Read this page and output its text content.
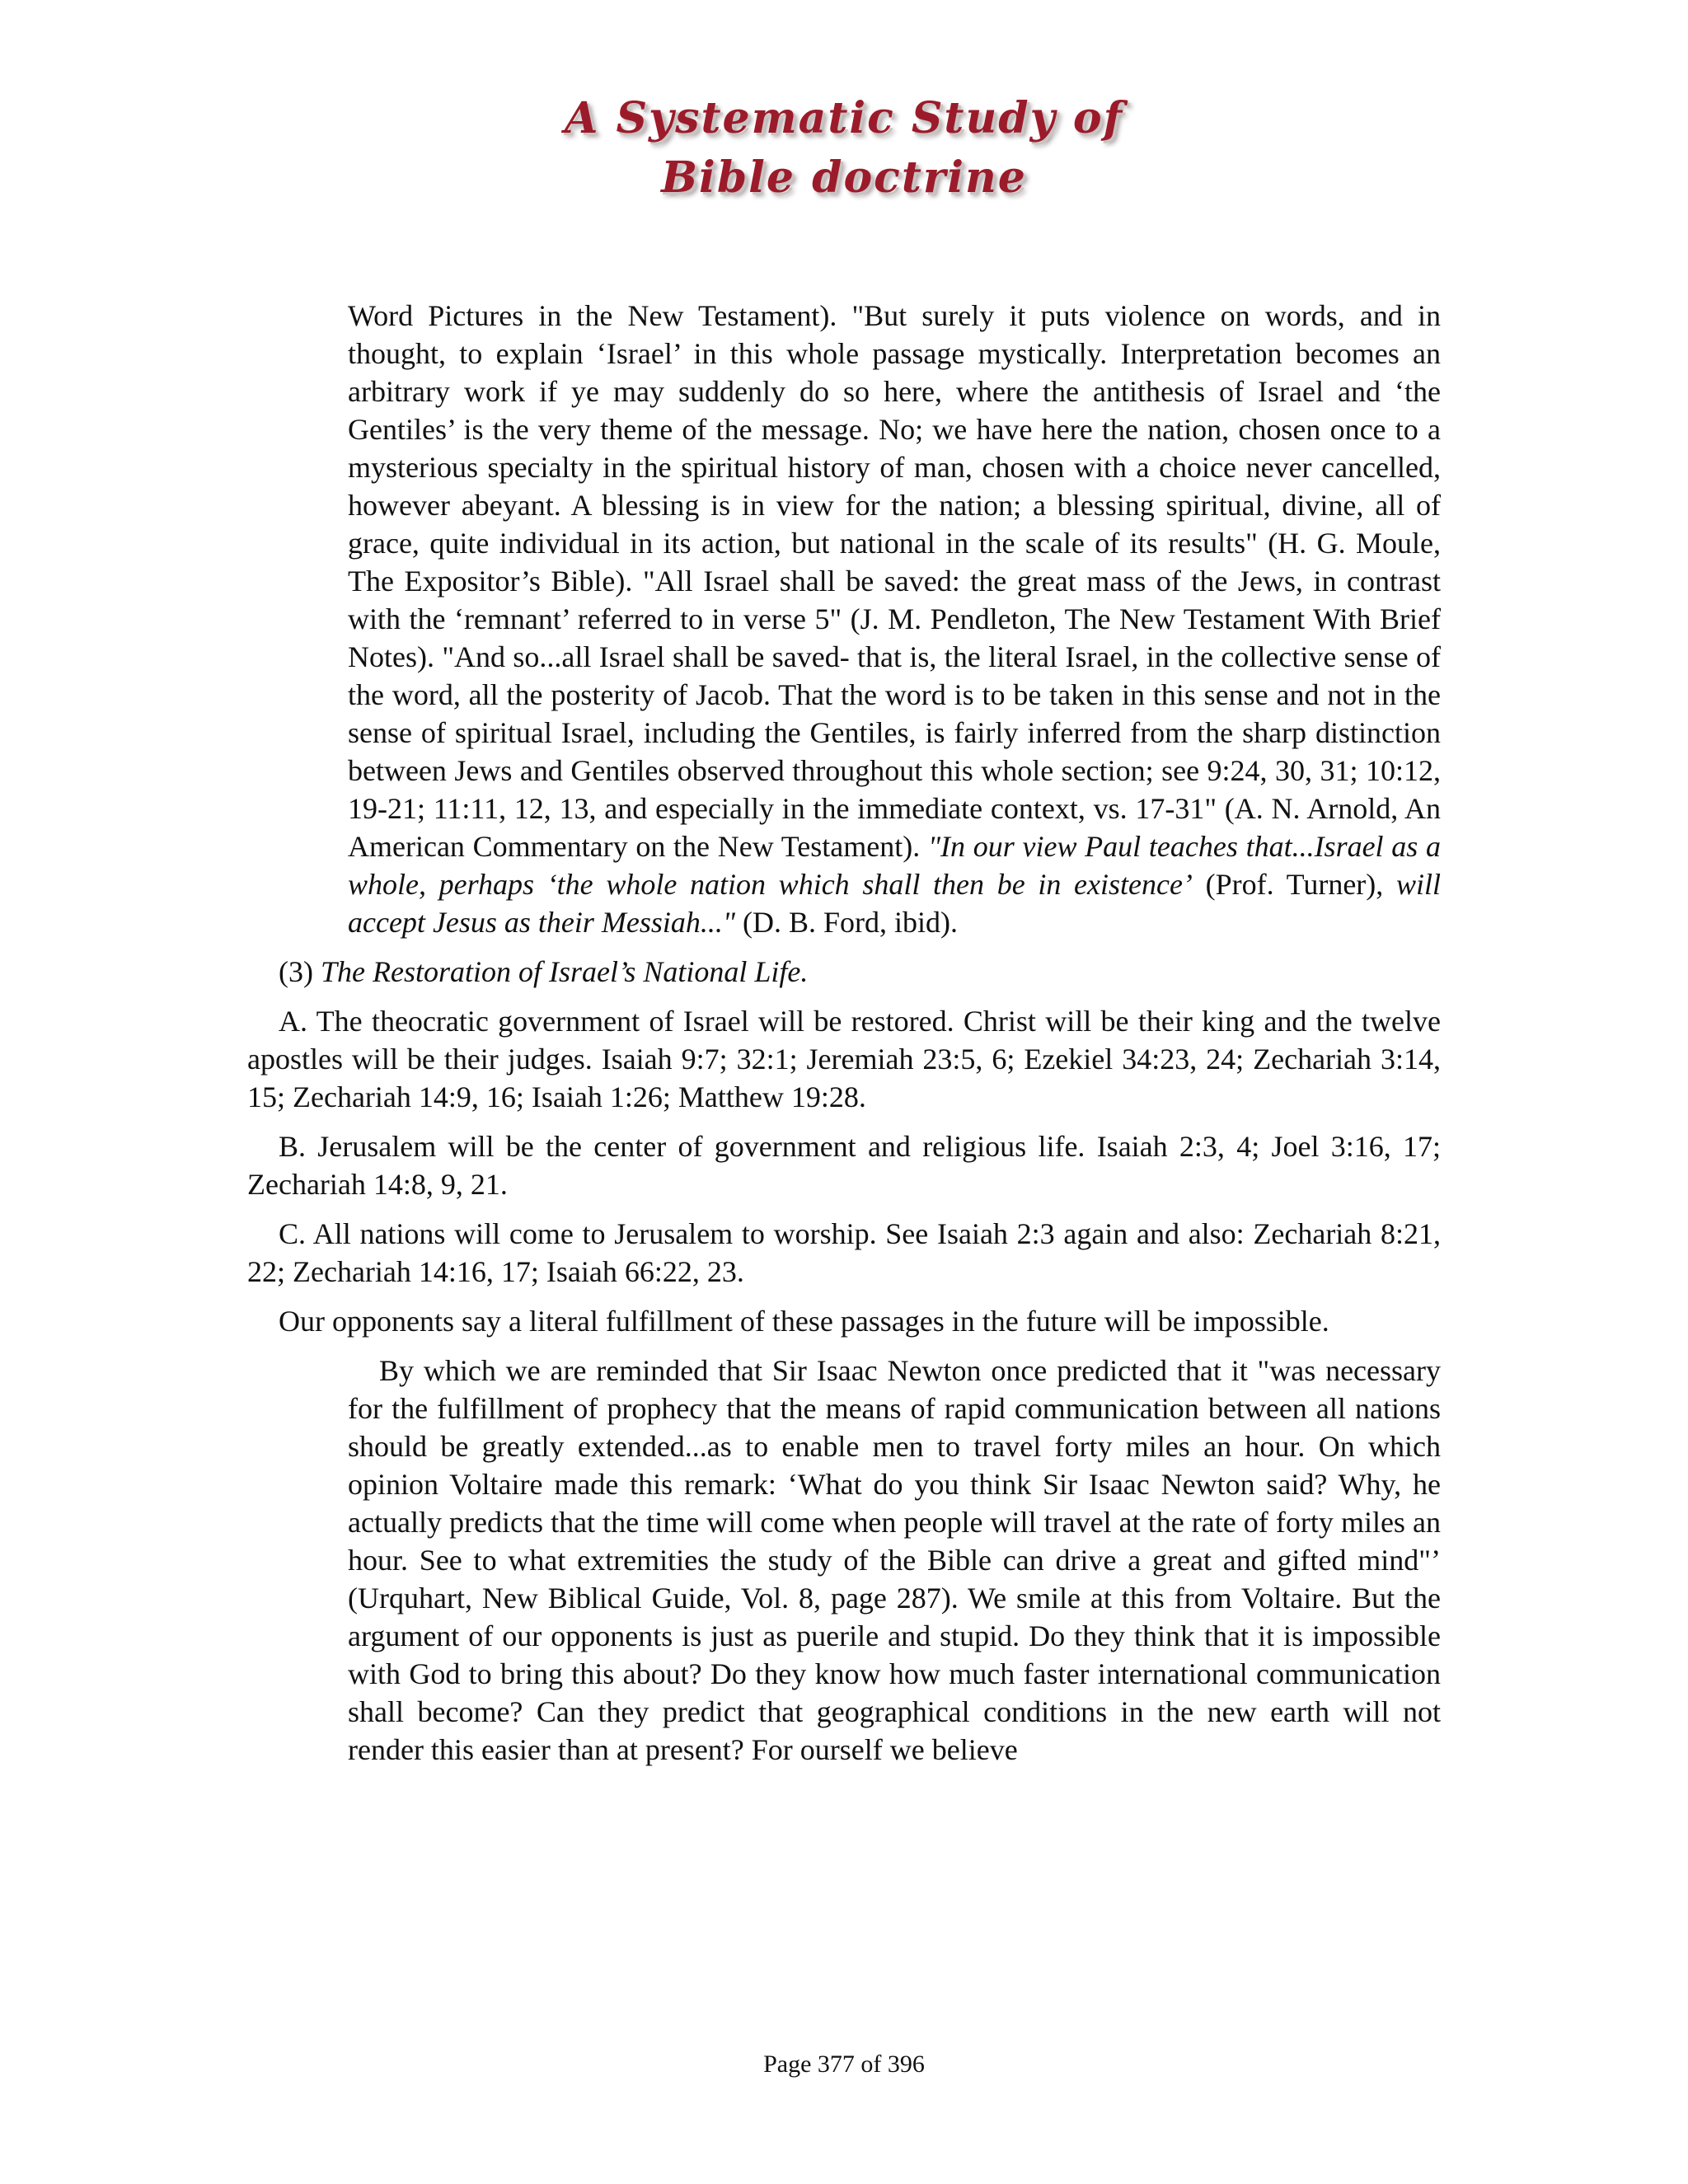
A Systematic Study of
Bible doctrine

Word Pictures in the New Testament). "But surely it puts violence on words, and in thought, to explain ‘Israel’ in this whole passage mystically. Interpretation becomes an arbitrary work if ye may suddenly do so here, where the antithesis of Israel and ‘the Gentiles’ is the very theme of the message. No; we have here the nation, chosen once to a mysterious specialty in the spiritual history of man, chosen with a choice never cancelled, however abeyant. A blessing is in view for the nation; a blessing spiritual, divine, all of grace, quite individual in its action, but national in the scale of its results" (H. G. Moule, The Expositor’s Bible). "All Israel shall be saved: the great mass of the Jews, in contrast with the ‘remnant’ referred to in verse 5" (J. M. Pendleton, The New Testament With Brief Notes). "And so...all Israel shall be saved- that is, the literal Israel, in the collective sense of the word, all the posterity of Jacob. That the word is to be taken in this sense and not in the sense of spiritual Israel, including the Gentiles, is fairly inferred from the sharp distinction between Jews and Gentiles observed throughout this whole section; see 9:24, 30, 31; 10:12, 19-21; 11:11, 12, 13, and especially in the immediate context, vs. 17-31" (A. N. Arnold, An American Commentary on the New Testament). "In our view Paul teaches that...Israel as a whole, perhaps ‘the whole nation which shall then be in existence’ (Prof. Turner), will accept Jesus as their Messiah..." (D. B. Ford, ibid).

(3) The Restoration of Israel’s National Life.

A. The theocratic government of Israel will be restored. Christ will be their king and the twelve apostles will be their judges. Isaiah 9:7; 32:1; Jeremiah 23:5, 6; Ezekiel 34:23, 24; Zechariah 3:14, 15; Zechariah 14:9, 16; Isaiah 1:26; Matthew 19:28.

B. Jerusalem will be the center of government and religious life. Isaiah 2:3, 4; Joel 3:16, 17; Zechariah 14:8, 9, 21.

C. All nations will come to Jerusalem to worship. See Isaiah 2:3 again and also: Zechariah 8:21, 22; Zechariah 14:16, 17; Isaiah 66:22, 23.

Our opponents say a literal fulfillment of these passages in the future will be impossible.

By which we are reminded that Sir Isaac Newton once predicted that it "was necessary for the fulfillment of prophecy that the means of rapid communication between all nations should be greatly extended...as to enable men to travel forty miles an hour. On which opinion Voltaire made this remark: ‘What do you think Sir Isaac Newton said? Why, he actually predicts that the time will come when people will travel at the rate of forty miles an hour. See to what extremities the study of the Bible can drive a great and gifted mind"’ (Urquhart, New Biblical Guide, Vol. 8, page 287). We smile at this from Voltaire. But the argument of our opponents is just as puerile and stupid. Do they think that it is impossible with God to bring this about? Do they know how much faster international communication shall become? Can they predict that geographical conditions in the new earth will not render this easier than at present? For ourself we believe

Page 377 of 396
